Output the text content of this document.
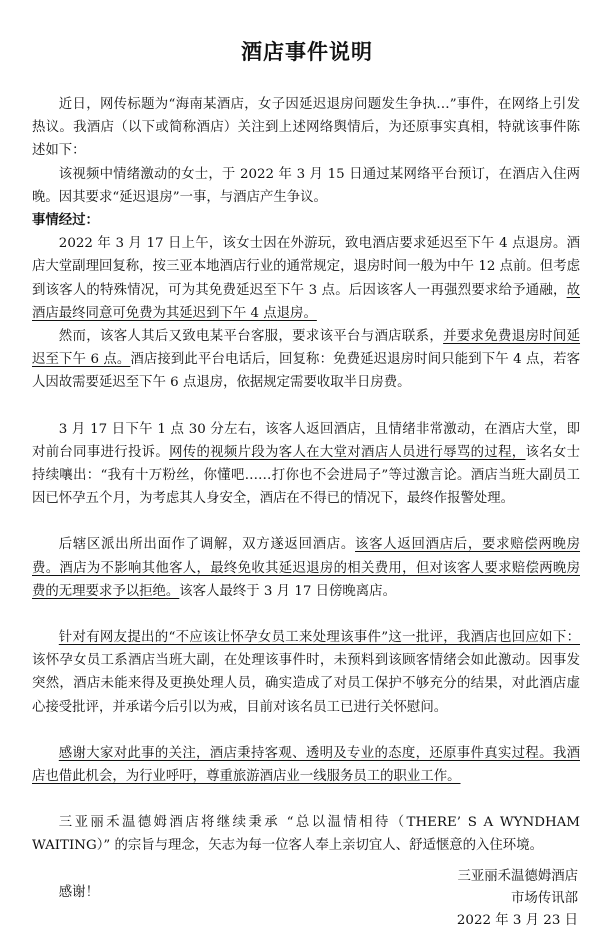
酒店事件说明

近日，网传标题为“海南某酒店，女子因延迟退房问题发生争执…”事件，在网络上引发热议。我酒店（以下或简称酒店）关注到上述网络舆情后，为还原事实真相，特就该事件陈述如下：

该视频中情绪激动的女士，于 2022 年 3 月 15 日通过某网络平台预订，在酒店入住两晚。因其要求“延迟退房”一事，与酒店产生争议。

事情经过：

2022 年 3 月 17 日上午，该女士因在外游玩，致电酒店要求延迟至下午 4 点退房。酒店大堂副理回复称，按三亚本地酒店行业的通常规定，退房时间一般为中午 12 点前。但考虑到该客人的特殊情况，可为其免费延迟至下午 3 点。后因该客人一再强烈要求给予通融，故酒店最终同意可免费为其延迟到下午 4 点退房。

然而，该客人其后又致电某平台客服，要求该平台与酒店联系，并要求免费退房时间延迟至下午 6 点。酒店接到此平台电话后，回复称：免费延迟退房时间只能到下午 4 点，若客人因故需要延迟至下午 6 点退房，依据规定需要收取半日房费。

3 月 17 日下午 1 点 30 分左右，该客人返回酒店，且情绪非常激动，在酒店大堂，即对前台同事进行投诉。网传的视频片段为客人在大堂对酒店人员进行辱骂的过程，该名女士持续嚷出：“我有十万粉丝，你懂吧……打你也不会进局子”等过激言论。酒店当班大副员工因已怀孕五个月，为考虑其人身安全，酒店在不得已的情况下，最终作报警处理。

后辖区派出所出面作了调解，双方遂返回酒店。该客人返回酒店后，要求赔偿两晚房费。酒店为不影响其他客人，最终免收其延迟退房的相关费用，但对该客人要求赔偿两晚房费的无理要求予以拒绝。该客人最终于 3 月 17 日傍晚离店。

针对有网友提出的“不应该让怀孕女员工来处理该事件”这一批评，我酒店也回应如下：该怀孕女员工系酒店当班大副，在处理该事件时，未预料到该顾客情绪会如此激动。因事发突然，酒店未能来得及更换处理人员，确实造成了对员工保护不够充分的结果，对此酒店虚心接受批评，并承诺今后引以为戒，目前对该名员工已进行关怀慰问。

感谢大家对此事的关注，酒店秉持客观、透明及专业的态度，还原事件真实过程。我酒店也借此机会，为行业呼吁，尊重旅游酒店业一线服务员工的职业工作。

三亚丽禾温德姆酒店将继续秉承 “总以温情相待（THERE’ S A WYNDHAM WAITING）” 的宗旨与理念，矢志为每一位客人奉上亲切宜人、舒适惬意的入住环境。

感谢！

三亚丽禾温德姆酒店
市场传讯部
2022 年 3 月 23 日
